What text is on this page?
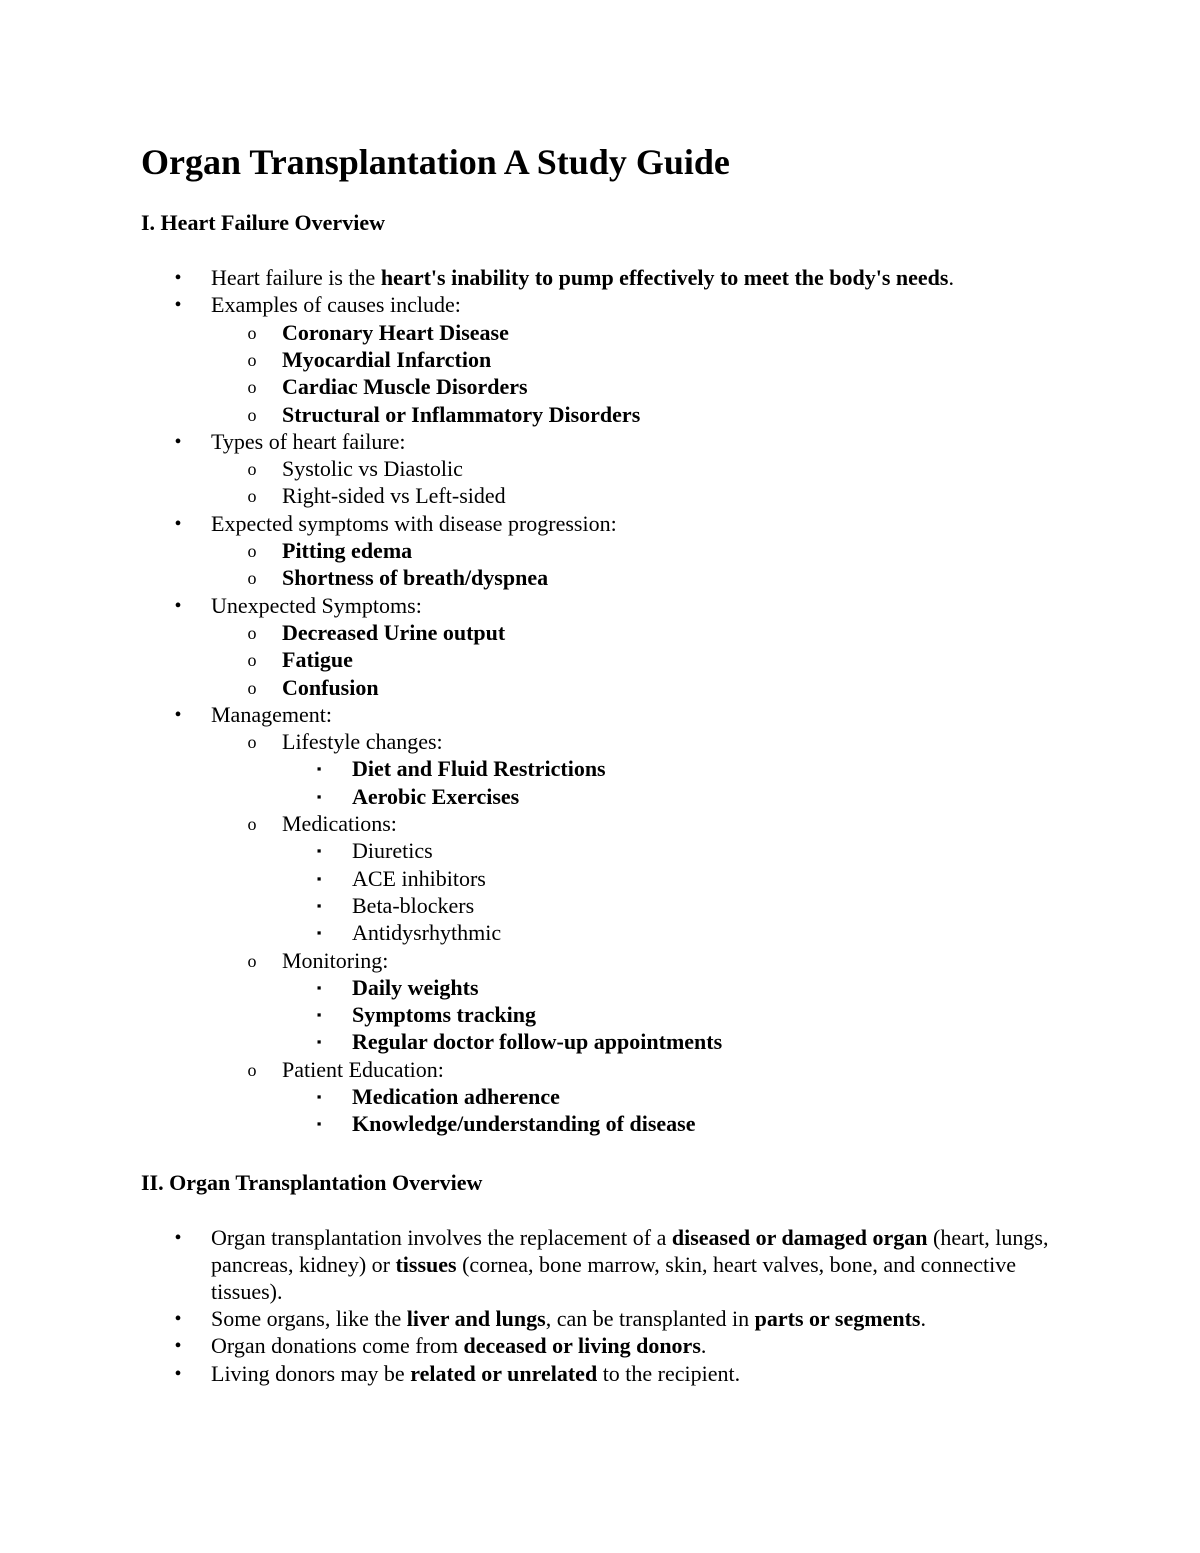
Organ Transplantation A Study Guide
I. Heart Failure Overview
• Heart failure is the heart's inability to pump effectively to meet the body's needs.
• Examples of causes include:
o Coronary Heart Disease
o Myocardial Infarction
o Cardiac Muscle Disorders
o Structural or Inflammatory Disorders
• Types of heart failure:
o Systolic vs Diastolic
o Right-sided vs Left-sided
• Expected symptoms with disease progression:
o Pitting edema
o Shortness of breath/dyspnea
• Unexpected Symptoms:
o Decreased Urine output
o Fatigue
o Confusion
• Management:
o Lifestyle changes:
▪	Diet and Fluid Restrictions
▪	Aerobic Exercises
o Medications:
▪	Diuretics
▪	ACE inhibitors
▪	Beta-blockers
▪	Antidysrhythmic
o Monitoring:
▪	Daily weights
▪	Symptoms tracking
▪	Regular doctor follow-up appointments
o Patient Education:
▪	Medication adherence
▪	Knowledge/understanding of disease
II. Organ Transplantation Overview
• Organ transplantation involves the replacement of a diseased or damaged organ (heart, lungs, pancreas, kidney) or tissues (cornea, bone marrow, skin, heart valves, bone, and connective tissues).
• Some organs, like the liver and lungs, can be transplanted in parts or segments.
• Organ donations come from deceased or living donors.
• Living donors may be related or unrelated to the recipient.
